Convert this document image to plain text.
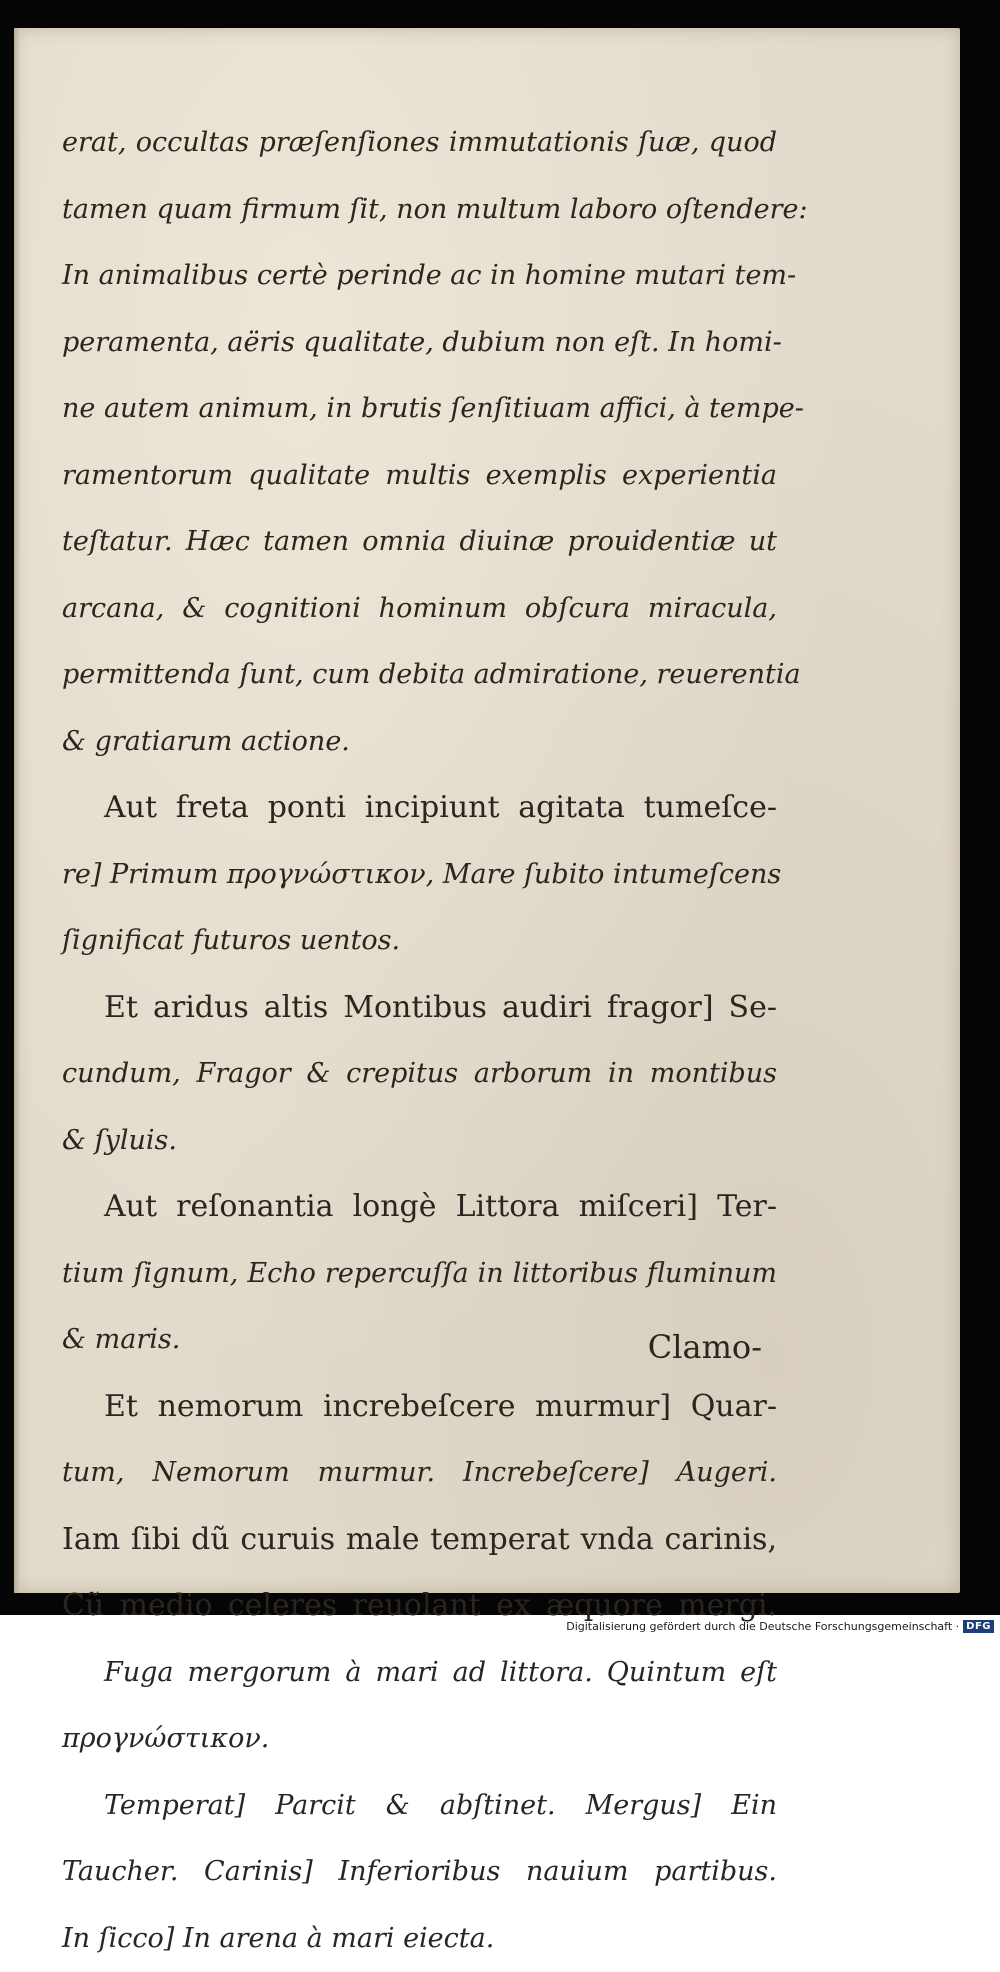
erat, occultas præſenſiones immutationis ſuæ, quod
tamen quam firmum ſit, non multum laboro oſtendere:
In animalibus certè perinde ac in homine mutari tem-
peramenta, aëris qualitate, dubium non eſt. In homi-
ne autem animum, in brutis ſenſitiuam affici, à tempe-
ramentorum qualitate multis exemplis experientia
teſtatur. Hæc tamen omnia diuinæ prouidentiæ ut
arcana, & cognitioni hominum obſcura miracula,
permittenda ſunt, cum debita admiratione, reuerentia
& gratiarum actione.
Aut freta ponti incipiunt agitata tumeſce-
re] Primum προγνώστικον, Mare ſubito intumeſcens
ſignificat futuros uentos.
Et aridus altis Montibus audiri fragor] Se-
cundum, Fragor & crepitus arborum in montibus
& ſyluis.
Aut reſonantia longè Littora miſceri] Ter-
tium ſignum, Echo repercuſſa in littoribus fluminum
& maris.
Et nemorum increbeſcere murmur] Quar-
tum, Nemorum murmur. Increbeſcere] Augeri.
Iam ſibi dũ curuis male temperat vnda carinis,
Cũ medio celeres reuolant ex æquore mergi.
Fuga mergorum à mari ad littora. Quintum eſt
προγνώστικον.
Temperat] Parcit & abſtinet. Mergus] Ein
Taucher. Carinis] Inferioribus nauium partibus.
In ſicco] In arena à mari eiecta.
Clamo-
Digitalisierung gefördert durch die Deutsche Forschungsgemeinschaft · DFG
